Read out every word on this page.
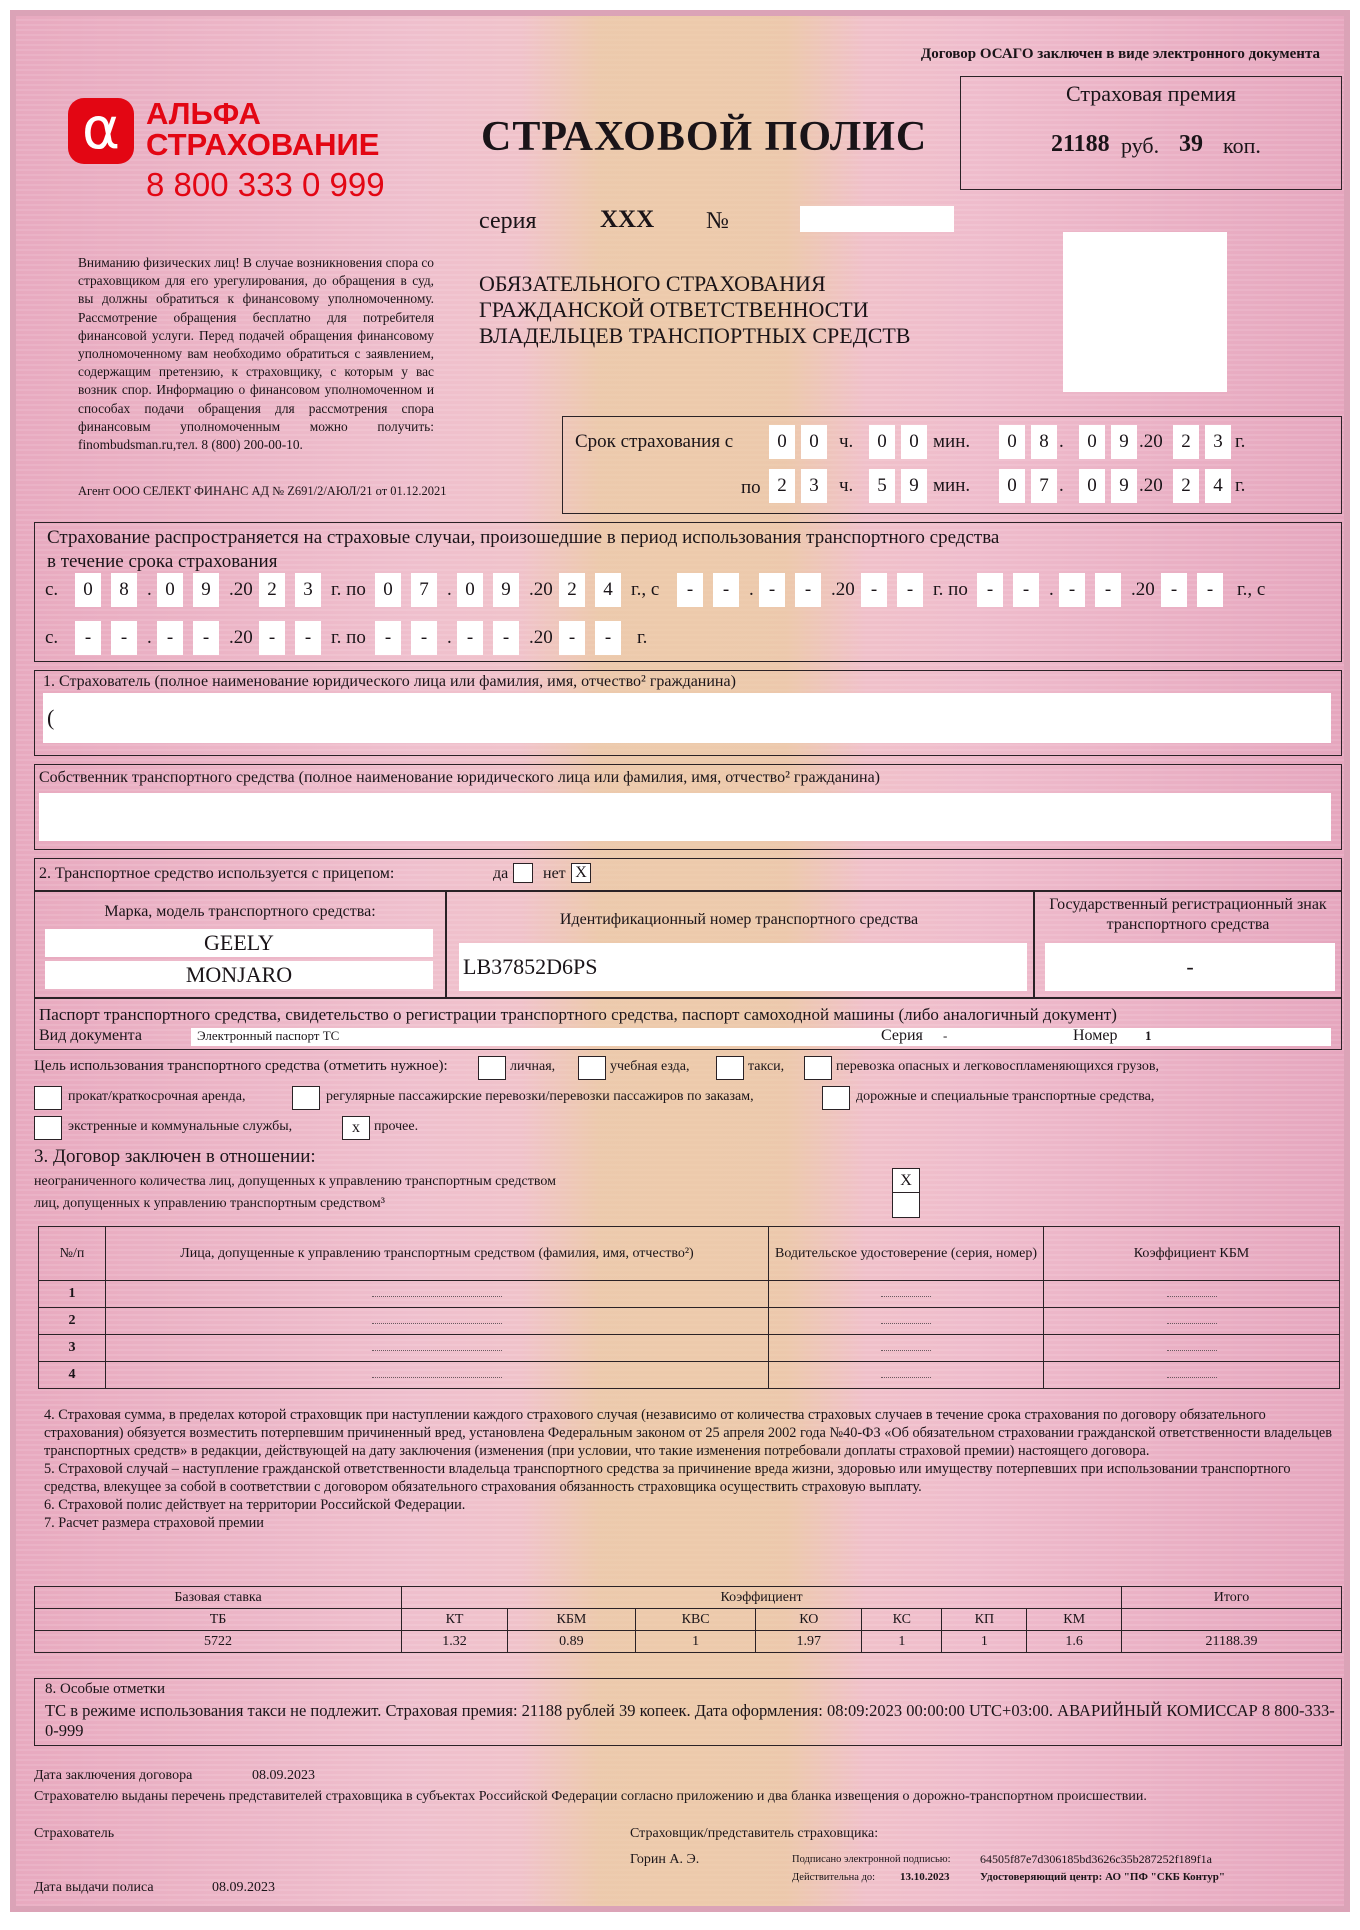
Договор ОСАГО заключен в виде электронного документа
α АЛЬФА
СТРАХОВАНИЕ
8 800 333 0 999
СТРАХОВОЙ ПОЛИС
Страховая премия
21188 руб. 39 коп.
серия	ХХХ №
ОБЯЗАТЕЛЬНОГО СТРАХОВАНИЯ
ГРАЖДАНСКОЙ ОТВЕТСТВЕННОСТИ
ВЛАДЕЛЬЦЕВ ТРАНСПОРТНЫХ СРЕДСТВ
Вниманию физических лиц! В случае возникновения спора со страховщиком для его урегулирования, до обращения в суд, вы должны обратиться к финансовому уполномоченному. Рассмотрение обращения бесплатно для потребителя финансовой услуги. Перед подачей обращения финансовому уполномоченному вам необходимо обратиться с заявлением, содержащим претензию, к страховщику, с которым у вас возник спор. Информацию о финансовом уполномоченном и способах подачи обращения для рассмотрения спора финансовым уполномоченным можно получить: finombudsman.ru,тел. 8 (800) 200-00-10.
Агент ООО СЕЛЕКТ ФИНАНС АД № Z691/2/АЮЛ/21 от 01.12.2021
Срок страхования с
по
0	0	ч.	0	0 мин.	0	8 .	0	9 .20 2	3 г.
2	3	ч.	5	9 мин.	0	7 .	0	9 .20 2	4 г.
Страхование распространяется на страховые случаи, произошедшие в период использования транспортного средства
в течение срока страхования
с.	0	8 . 0	9 .20 2	3 г. по 0	7 . 0	9 .20 2	4 г., с	-	-	. -	-	.20 -	-	г. по	-	-	. -	-	.20 -	-	г., с
с.	-	-	. -	-	.20 -	-	г. по	-	-	. -	-	.20 -	-	г.
1. Страхователь (полное наименование юридического лица или фамилия, имя, отчество² гражданина)
(
Собственник транспортного средства (полное наименование юридического лица или фамилия, имя, отчество² гражданина)
2. Транспортное средство используется с прицепом:	да нет X
Марка, модель транспортного средства:
GEELY
MONJARO
Идентификационный номер транспортного средства
LB37852D6PS
Государственный регистрационный знак транспортного средства
-
Паспорт транспортного средства, свидетельство о регистрации транспортного средства, паспорт самоходной машины (либо аналогичный документ)
Вид документа	Электронный паспорт ТС	Серия -	Номер 1
Цель использования транспортного средства (отметить нужное):	личная,	учебная езда,	такси,	перевозка опасных и легковоспламеняющихся грузов,
прокат/краткосрочная аренда,	регулярные пассажирские перевозки/перевозки пассажиров по заказам,	дорожные и специальные транспортные средства,
экстренные и коммунальные службы,	x	прочее.
3. Договор заключен в отношении:
неограниченного количества лиц, допущенных к управлению транспортным средством
лиц, допущенных к управлению транспортным средством³
X
№/п	Лица, допущенные к управлению транспортным средством (фамилия, имя, отчество²)	Водительское удостоверение (серия, номер)	Коэффициент КБМ
1			
2			
3			
4			
4. Страховая сумма, в пределах которой страховщик при наступлении каждого страхового случая (независимо от количества страховых случаев в течение срока страхования по договору обязательного страхования) обязуется возместить потерпевшим причиненный вред, установлена Федеральным законом от 25 апреля 2002 года №40-ФЗ «Об обязательном страховании гражданской ответственности владельцев транспортных средств» в редакции, действующей на дату заключения (изменения (при условии, что такие изменения потребовали доплаты страховой премии) настоящего договора.
5. Страховой случай – наступление гражданской ответственности владельца транспортного средства за причинение вреда жизни, здоровью или имуществу потерпевших при использовании транспортного средства, влекущее за собой в соответствии с договором обязательного страхования обязанность страховщика осуществить страховую выплату.
6. Страховой полис действует на территории Российской Федерации.
7. Расчет размера страховой премии
Базовая ставка	Коэффициент							Итого
ТБ	КТ	КБМ	КВС	КО	КС	КП	КМ	
5722	1.32	0.89	1	1.97	1	1	1.6	21188.39
8. Особые отметки
ТС в режиме использования такси не подлежит. Страховая премия: 21188 рублей 39 копеек. Дата оформления: 08:09:2023 00:00:00 UTC+03:00. АВАРИЙНЫЙ КОМИССАР 8 800-333-0-999
Дата заключения договора	08.09.2023
Страхователю выданы перечень представителей страховщика в субъектах Российской Федерации согласно приложению и два бланка извещения о дорожно-транспортном происшествии.
Страхователь	Страховщик/представитель страховщика:
Горин А. Э.	Подписано электронной подписью: 64505f87e7d306185bd3626c35b287252f189f1a
Действительна до: 13.10.2023	Удостоверяющий центр: АО "ПФ "СКБ Контур"
Дата выдачи полиса	08.09.2023
